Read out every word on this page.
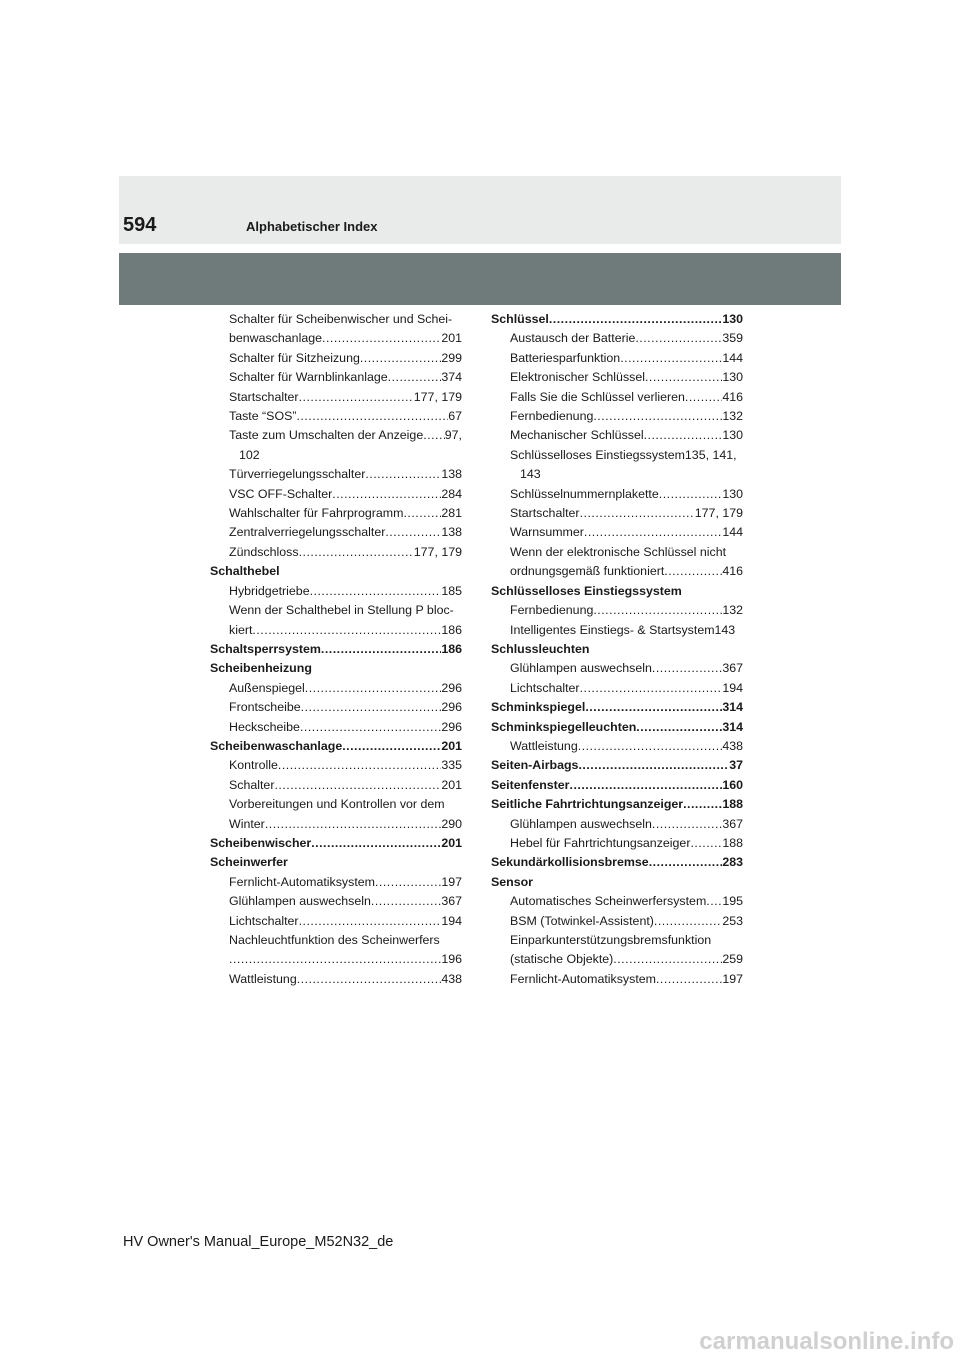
594	Alphabetischer Index
Schalter für Scheibenwischer und Schei-
benwaschanlage .....	201
Schalter für Sitzheizung .....	299
Schalter für Warnblinkanlage .....	374
Startschalter .....	177, 179
Taste “SOS” .....	67
Taste zum Umschalten der Anzeige ..... 97,
102
Türverriegelungsschalter .....	138
VSC OFF-Schalter .....	284
Wahlschalter für Fahrprogramm .....	281
Zentralverriegelungsschalter .....	138
Zündschloss .....	177, 179
Schalthebel
Hybridgetriebe .....	185
Wenn der Schalthebel in Stellung P bloc-
kiert .....	186
Schaltsperrsystem .....	186
Scheibenheizung
Außenspiegel .....	296
Frontscheibe .....	296
Heckscheibe .....	296
Scheibenwaschanlage .....	201
Kontrolle .....	335
Schalter .....	201
Vorbereitungen und Kontrollen vor dem
Winter .....	290
Scheibenwischer .....	201
Scheinwerfer
Fernlicht-Automatiksystem .....	197
Glühlampen auswechseln .....	367
Lichtschalter .....	194
Nachleuchtfunktion des Scheinwerfers
.....
196
Wattleistung .....	438
Schlüssel .....	130
Austausch der Batterie .....	359
Batteriesparfunktion .....	144
Elektronischer Schlüssel .....	130
Falls Sie die Schlüssel verlieren .....	416
Fernbedienung .....	132
Mechanischer Schlüssel .....	130
Schlüsselloses Einstiegssystem135, 141,
143
Schlüsselnummernplakette .....	130
Startschalter .....	177, 179
Warnsummer .....	144
Wenn der elektronische Schlüssel nicht
ordnungsgemäß funktioniert .....	416
Schlüsselloses Einstiegssystem
Fernbedienung .....	132
Intelligentes Einstiegs- & Startsystem143
Schlussleuchten
Glühlampen auswechseln .....	367
Lichtschalter .....	194
Schminkspiegel .....	314
Schminkspiegelleuchten .....	314
Wattleistung .....	438
Seiten-Airbags .....	37
Seitenfenster .....	160
Seitliche Fahrtrichtungsanzeiger .....	188
Glühlampen auswechseln .....	367
Hebel für Fahrtrichtungsanzeiger .....	188
Sekundärkollisionsbremse .....	283
Sensor
Automatisches Scheinwerfersystem ..... 195
BSM (Totwinkel-Assistent) .....	253
Einparkunterstützungsbremsfunktion
(statische Objekte) .....	259
Fernlicht-Automatiksystem .....	197
HV Owner's Manual_Europe_M52N32_de
carmanualsonline.info
